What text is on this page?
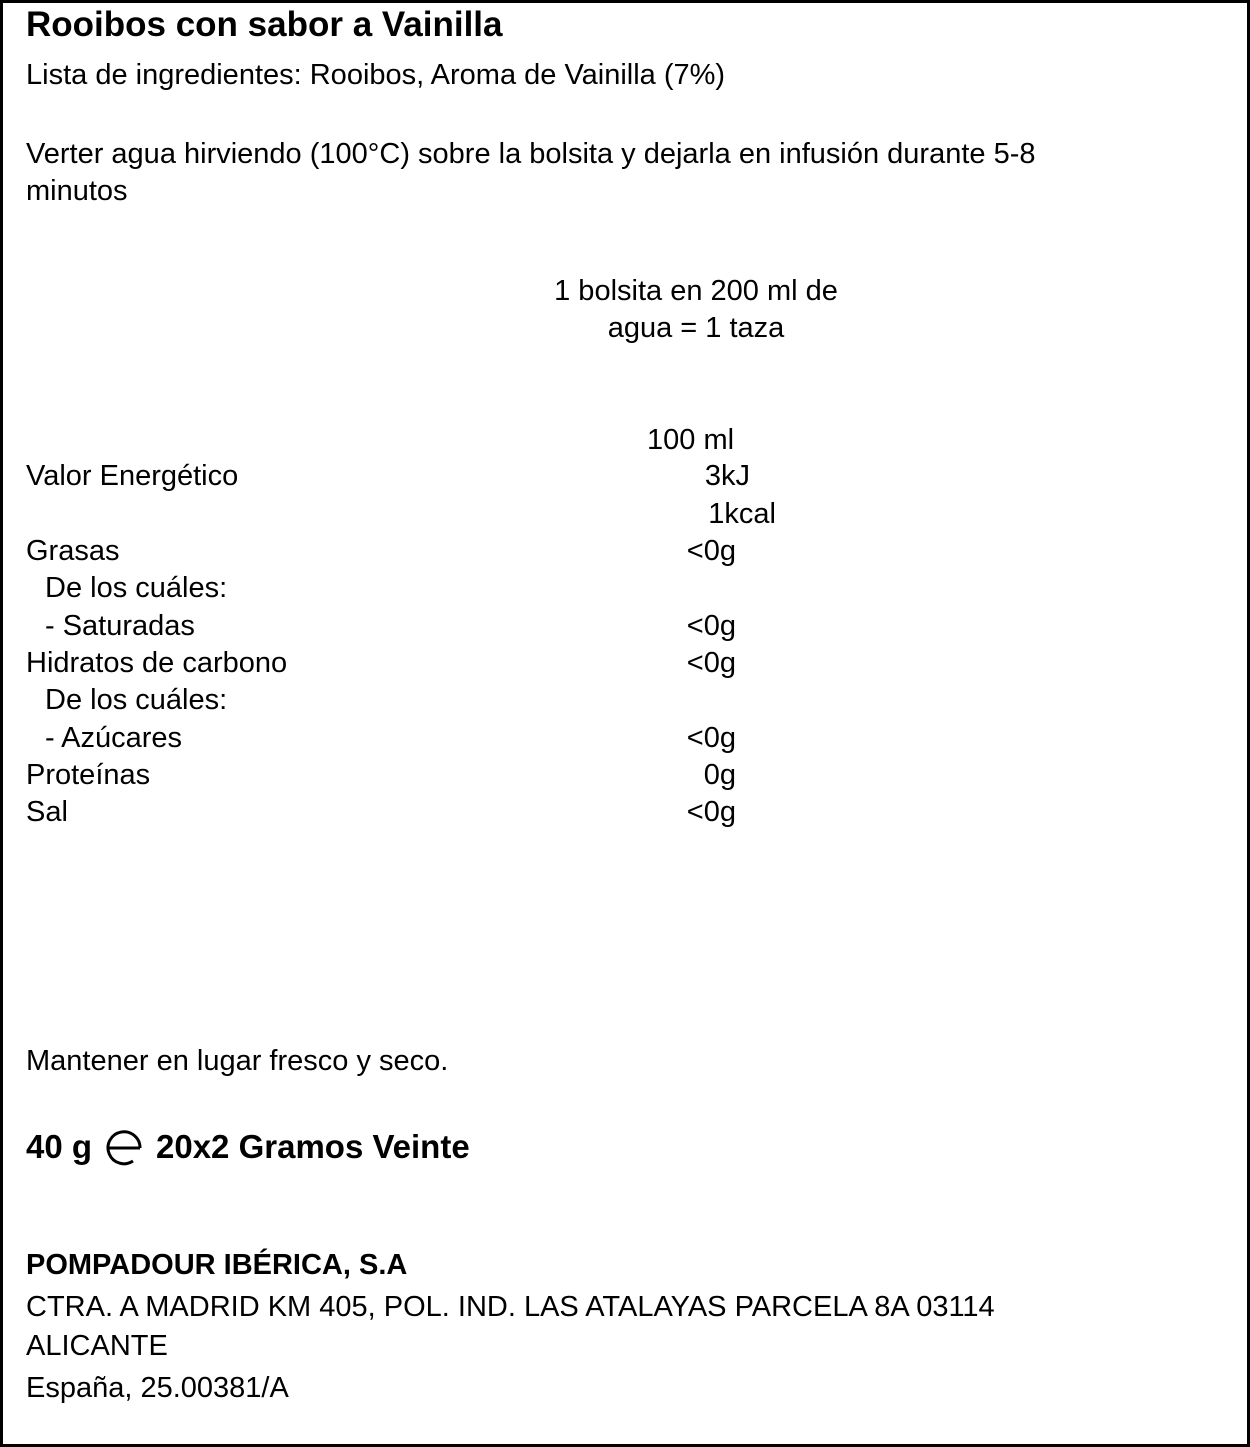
Rooibos con sabor a Vainilla
Lista de ingredientes: Rooibos, Aroma de Vainilla (7%)
Verter agua hirviendo (100°C) sobre la bolsita y dejarla en infusión durante 5-8
minutos
1 bolsita en 200 ml de
agua = 1 taza
100 ml
Valor Energético	3kJ
1kcal
Grasas	<0g
De los cuáles:
- Saturadas	<0g
Hidratos de carbono	<0g
De los cuáles:
- Azúcares	<0g
Proteínas	0g
Sal	<0g
Mantener en lugar fresco y seco.
40 g 20x2 Gramos Veinte
POMPADOUR IBÉRICA, S.A
CTRA. A MADRID KM 405, POL. IND. LAS ATALAYAS PARCELA 8A 03114
ALICANTE
España, 25.00381/A
